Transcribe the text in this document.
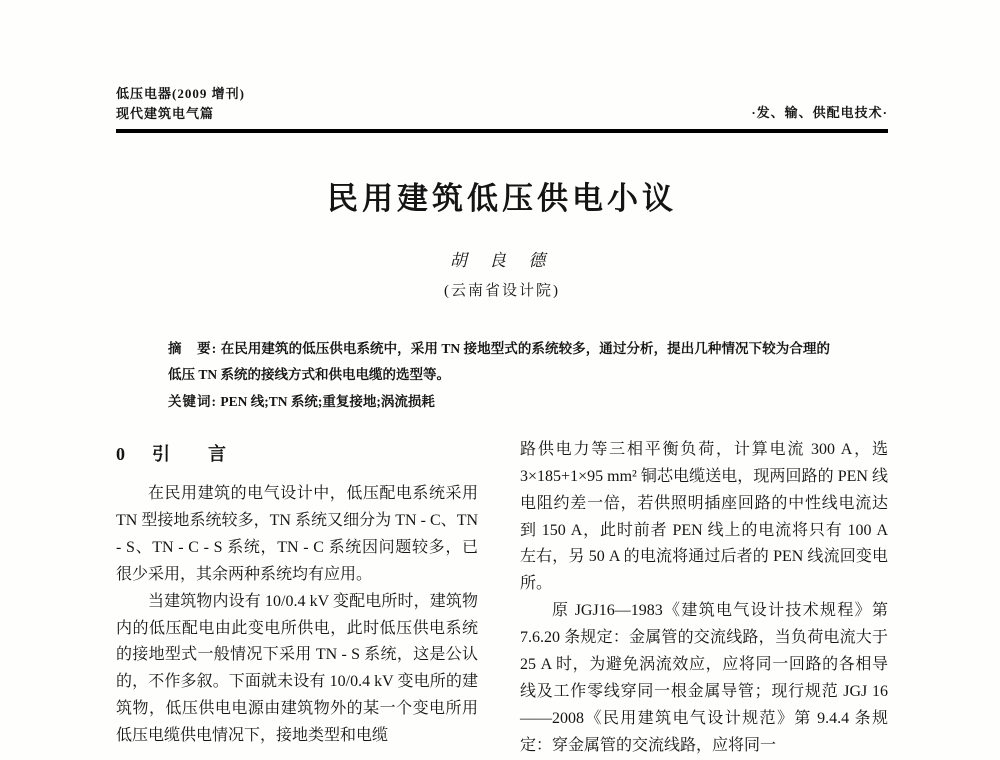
低压电器(2009 增刊)
现代建筑电气篇	·发、输、供配电技术·
民用建筑低压供电小议
胡 良 德
(云南省设计院)

摘　要: 在民用建筑的低压供电系统中，采用 TN 接地型式的系统较多，通过分析，提出几种情况下较为合理的低压 TN 系统的接线方式和供电电缆的选型等。

关键词: PEN 线;TN 系统;重复接地;涡流损耗

0 引　言

在民用建筑的电气设计中，低压配电系统采用 TN 型接地系统较多，TN 系统又细分为 TN - C、TN - S、TN - C - S 系统，TN - C 系统因问题较多，已很少采用，其余两种系统均有应用。

当建筑物内设有 10/0.4 kV 变配电所时，建筑物内的低压配电由此变电所供电，此时低压供电系统的接地型式一般情况下采用 TN - S 系统，这是公认的，不作多叙。下面就未设有 10/0.4 kV 变电所的建筑物，低压供电电源由建筑物外的某一个变电所用低压电缆供电情况下，接地类型和电缆

路供电力等三相平衡负荷，计算电流 300 A，选 3×185+1×95 mm² 铜芯电缆送电，现两回路的 PEN 线电阻约差一倍，若供照明插座回路的中性线电流达到 150 A，此时前者 PEN 线上的电流将只有 100 A 左右，另 50 A 的电流将通过后者的 PEN 线流回变电所。

原 JGJ16—1983《建筑电气设计技术规程》第 7.6.20 条规定：金属管的交流线路，当负荷电流大于 25 A 时，为避免涡流效应，应将同一回路的各相导线及工作零线穿同一根金属导管；现行规范 JGJ 16——2008《民用建筑电气设计规范》第 9.4.4 条规定：穿金属管的交流线路，应将同一
